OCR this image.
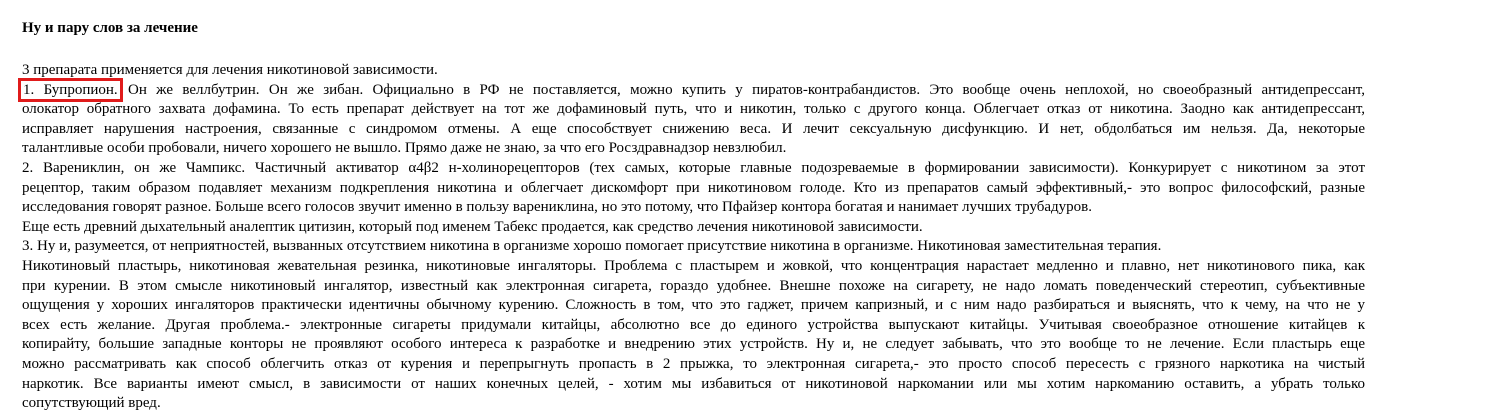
Ну и пару слов за лечение
3 препарата применяется для лечения никотиновой зависимости.
1. Бупропион. Он же веллбутрин. Он же зибан. Официально в РФ не поставляется, можно купить у пиратов-контрабандистов. Это вообще очень неплохой, но своеобразный антидепрессант,
олокатор обратного захвата дофамина. То есть препарат действует на тот же дофаминовый путь, что и никотин, только с другого конца. Облегчает отказ от никотина. Заодно как антидепрессант,
исправляет нарушения настроения, связанные с синдромом отмены. А еще способствует снижению веса. И лечит сексуальную дисфункцию. И нет, обдолбаться им нельзя. Да, некоторые
талантливые особи пробовали, ничего хорошего не вышло. Прямо даже не знаю, за что его Росздравнадзор невзлюбил.
2. Варениклин, он же Чампикс. Частичный активатор α4β2 н-холинорецепторов (тех самых, которые главные подозреваемые в формировании зависимости). Конкурирует с никотином за этот
рецептор, таким образом подавляет механизм подкрепления никотина и облегчает дискомфорт при никотиновом голоде. Кто из препаратов самый эффективный,- это вопрос философский, разные
исследования говорят разное. Больше всего голосов звучит именно в пользу варениклина, но это потому, что Пфайзер контора богатая и нанимает лучших трубадуров.
Еще есть древний дыхательный аналептик цитизин, который под именем Табекс продается, как средство лечения никотиновой зависимости.
3. Ну и, разумеется, от неприятностей, вызванных отсутствием никотина в организме хорошо помогает присутствие никотина в организме. Никотиновая заместительная терапия.
Никотиновый пластырь, никотиновая жевательная резинка, никотиновые ингаляторы. Проблема с пластырем и жовкой, что концентрация нарастает медленно и плавно, нет никотинового пика, как
при курении. В этом смысле никотиновый ингалятор, известный как электронная сигарета, гораздо удобнее. Внешне похоже на сигарету, не надо ломать поведенческий стереотип, субъективные
ощущения у хороших ингаляторов практически идентичны обычному курению. Сложность в том, что это гаджет, причем капризный, и с ним надо разбираться и выяснять, что к чему, на что не у
всех есть желание. Другая проблема.- электронные сигареты придумали китайцы, абсолютно все до единого устройства выпускают китайцы. Учитывая своеобразное отношение китайцев к
копирайту, большие западные конторы не проявляют особого интереса к разработке и внедрению этих устройств. Ну и, не следует забывать, что это вообще то не лечение. Если пластырь еще
можно рассматривать как способ облегчить отказ от курения и перепрыгнуть пропасть в 2 прыжка, то электронная сигарета,- это просто способ пересесть с грязного наркотика на чистый
наркотик. Все варианты имеют смысл, в зависимости от наших конечных целей, - хотим мы избавиться от никотиновой наркомании или мы хотим наркоманию оставить, а убрать только
сопутствующий вред.
